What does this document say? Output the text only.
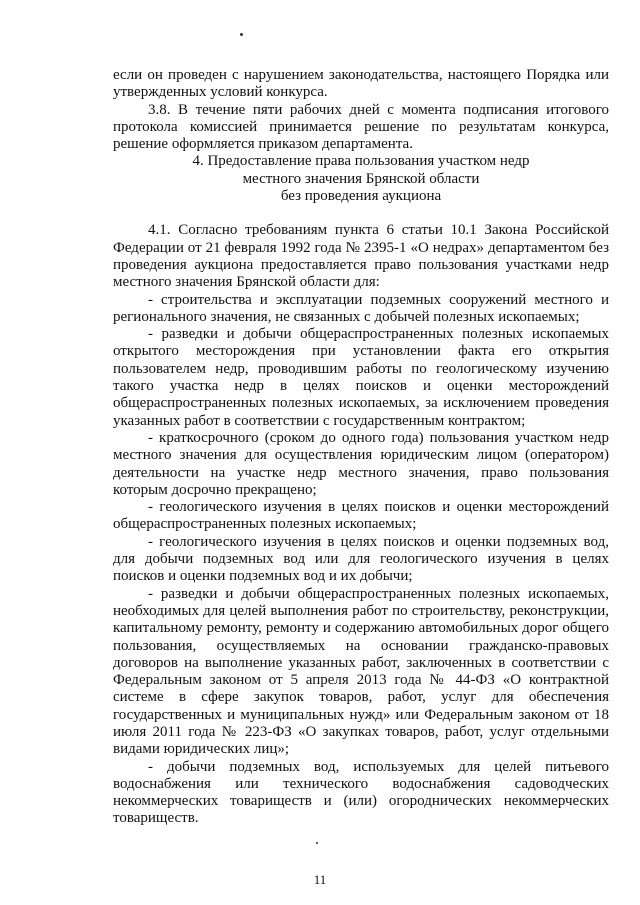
если он проведен с нарушением законодательства, настоящего Порядка или утвержденных условий конкурса.

3.8. В течение пяти рабочих дней с момента подписания итогового протокола комиссией принимается решение по результатам конкурса, решение оформляется приказом департамента.

4. Предоставление права пользования участком недр

местного значения Брянской области

без проведения аукциона

4.1. Согласно требованиям пункта 6 статьи 10.1 Закона Российской Федерации от 21 февраля 1992 года № 2395-1 «О недрах» департаментом без проведения аукциона предоставляется право пользования участками недр местного значения Брянской области для:

- строительства и эксплуатации подземных сооружений местного и регионального значения, не связанных с добычей полезных ископаемых;

- разведки и добычи общераспространенных полезных ископаемых открытого месторождения при установлении факта его открытия пользователем недр, проводившим работы по геологическому изучению такого участка недр в целях поисков и оценки месторождений общераспространенных полезных ископаемых, за исключением проведения указанных работ в соответствии с государственным контрактом;

- краткосрочного (сроком до одного года) пользования участком недр местного значения для осуществления юридическим лицом (оператором) деятельности на участке недр местного значения, право пользования которым досрочно прекращено;

- геологического изучения в целях поисков и оценки месторождений общераспространенных полезных ископаемых;

- геологического изучения в целях поисков и оценки подземных вод, для добычи подземных вод или для геологического изучения в целях поисков и оценки подземных вод и их добычи;

- разведки и добычи общераспространенных полезных ископаемых, необходимых для целей выполнения работ по строительству, реконструкции, капитальному ремонту, ремонту и содержанию автомобильных дорог общего пользования, осуществляемых на основании гражданско-правовых договоров на выполнение указанных работ, заключенных в соответствии с Федеральным законом от 5 апреля 2013 года № 44-ФЗ «О контрактной системе в сфере закупок товаров, работ, услуг для обеспечения государственных и муниципальных нужд» или Федеральным законом от 18 июля 2011 года № 223-ФЗ «О закупках товаров, работ, услуг отдельными видами юридических лиц»;

- добычи подземных вод, используемых для целей питьевого водоснабжения или технического водоснабжения садоводческих некоммерческих товариществ и (или) огороднических некоммерческих товариществ.

11
